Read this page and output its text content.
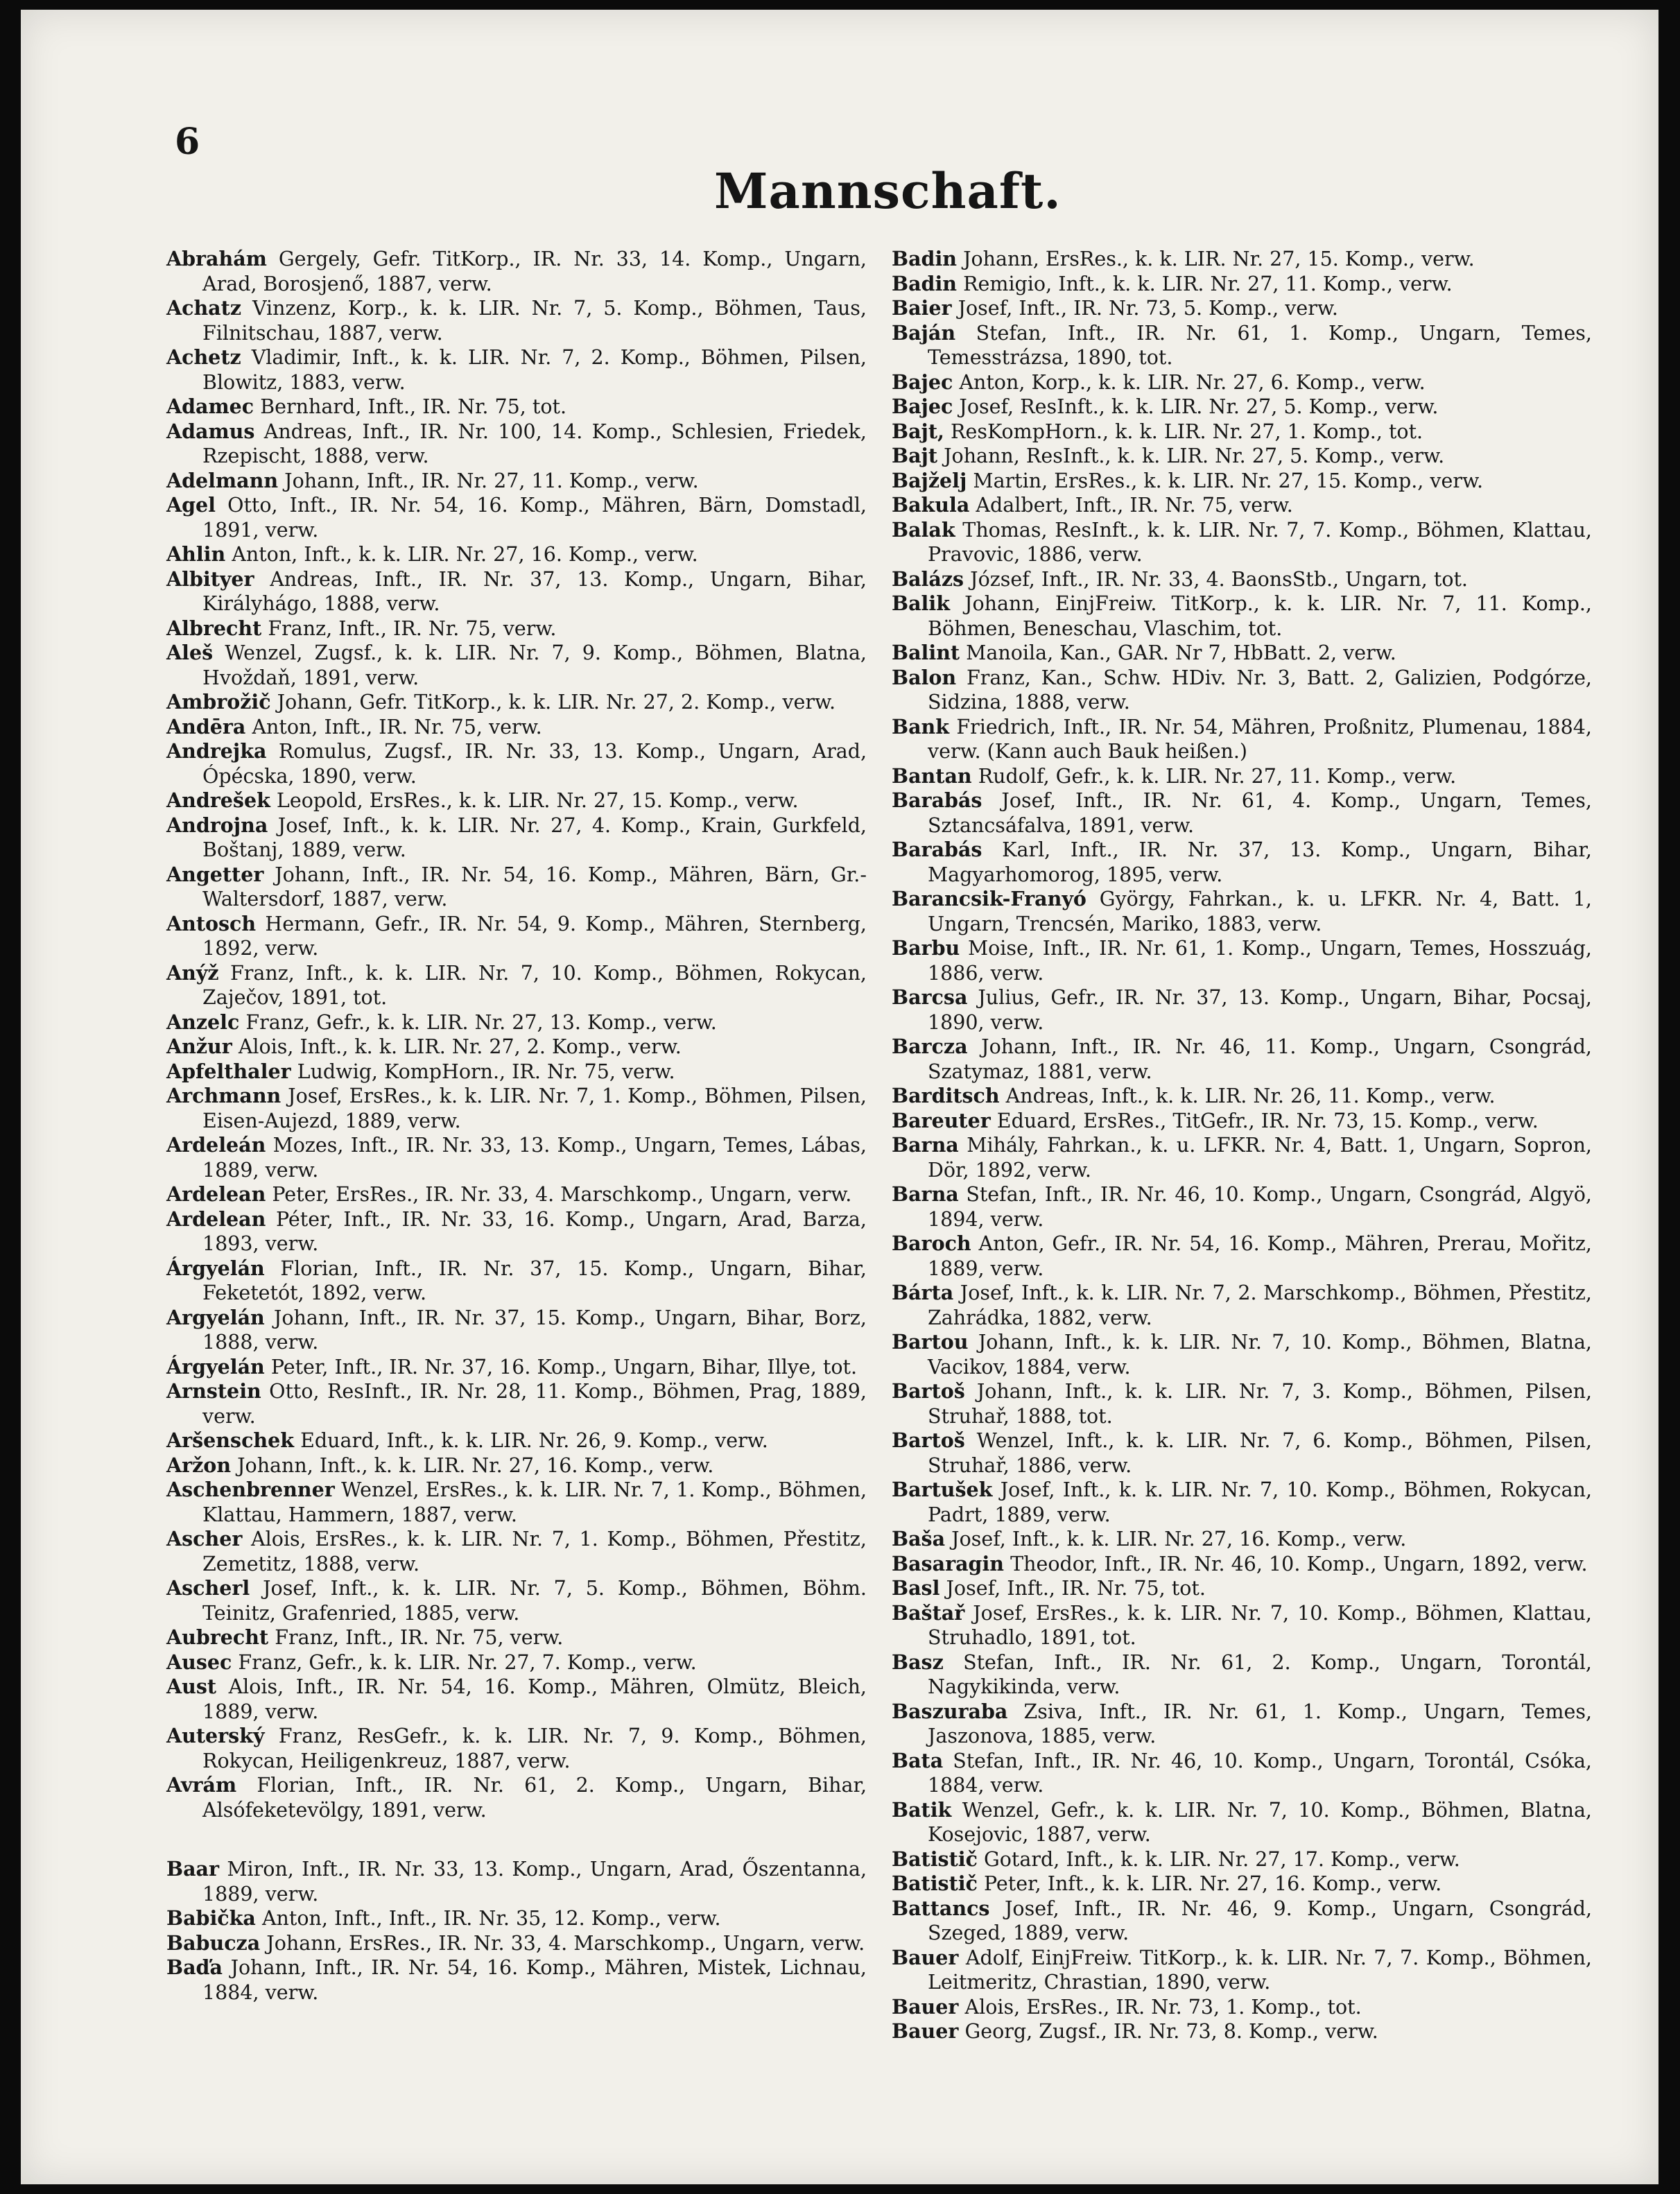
6
Mannschaft.

Abrahám Gergely, Gefr. TitKorp., IR. Nr. 33, 14. Komp., Ungarn, Arad, Borosjenő, 1887, verw.

Achatz Vinzenz, Korp., k. k. LIR. Nr. 7, 5. Komp., Böhmen, Taus, Filnitschau, 1887, verw.

Achetz Vladimir, Inft., k. k. LIR. Nr. 7, 2. Komp., Böhmen, Pilsen, Blowitz, 1883, verw.

Adamec Bernhard, Inft., IR. Nr. 75, tot.

Adamus Andreas, Inft., IR. Nr. 100, 14. Komp., Schlesien, Friedek, Rzepischt, 1888, verw.

Adelmann Johann, Inft., IR. Nr. 27, 11. Komp., verw.

Agel Otto, Inft., IR. Nr. 54, 16. Komp., Mähren, Bärn, Domstadl, 1891, verw.

Ahlin Anton, Inft., k. k. LIR. Nr. 27, 16. Komp., verw.

Albityer Andreas, Inft., IR. Nr. 37, 13. Komp., Ungarn, Bihar, Királyhágo, 1888, verw.

Albrecht Franz, Inft., IR. Nr. 75, verw.

Aleš Wenzel, Zugsf., k. k. LIR. Nr. 7, 9. Komp., Böhmen, Blatna, Hvoždaň, 1891, verw.

Ambrožič Johann, Gefr. TitKorp., k. k. LIR. Nr. 27, 2. Komp., verw.

Andēra Anton, Inft., IR. Nr. 75, verw.

Andrejka Romulus, Zugsf., IR. Nr. 33, 13. Komp., Ungarn, Arad, Ópécska, 1890, verw.

Andrešek Leopold, ErsRes., k. k. LIR. Nr. 27, 15. Komp., verw.

Androjna Josef, Inft., k. k. LIR. Nr. 27, 4. Komp., Krain, Gurkfeld, Boštanj, 1889, verw.

Angetter Johann, Inft., IR. Nr. 54, 16. Komp., Mähren, Bärn, Gr.-Waltersdorf, 1887, verw.

Antosch Hermann, Gefr., IR. Nr. 54, 9. Komp., Mähren, Sternberg, 1892, verw.

Anýž Franz, Inft., k. k. LIR. Nr. 7, 10. Komp., Böhmen, Rokycan, Zaječov, 1891, tot.

Anzelc Franz, Gefr., k. k. LIR. Nr. 27, 13. Komp., verw.

Anžur Alois, Inft., k. k. LIR. Nr. 27, 2. Komp., verw.

Apfelthaler Ludwig, KompHorn., IR. Nr. 75, verw.

Archmann Josef, ErsRes., k. k. LIR. Nr. 7, 1. Komp., Böhmen, Pilsen, Eisen-Aujezd, 1889, verw.

Ardeleán Mozes, Inft., IR. Nr. 33, 13. Komp., Ungarn, Temes, Lábas, 1889, verw.

Ardelean Peter, ErsRes., IR. Nr. 33, 4. Marschkomp., Ungarn, verw.

Ardelean Péter, Inft., IR. Nr. 33, 16. Komp., Ungarn, Arad, Barza, 1893, verw.

Árgyelán Florian, Inft., IR. Nr. 37, 15. Komp., Ungarn, Bihar, Feketetót, 1892, verw.

Argyelán Johann, Inft., IR. Nr. 37, 15. Komp., Ungarn, Bihar, Borz, 1888, verw.

Árgyelán Peter, Inft., IR. Nr. 37, 16. Komp., Ungarn, Bihar, Illye, tot.

Arnstein Otto, ResInft., IR. Nr. 28, 11. Komp., Böhmen, Prag, 1889, verw.

Aršenschek Eduard, Inft., k. k. LIR. Nr. 26, 9. Komp., verw.

Aržon Johann, Inft., k. k. LIR. Nr. 27, 16. Komp., verw.

Aschenbrenner Wenzel, ErsRes., k. k. LIR. Nr. 7, 1. Komp., Böhmen, Klattau, Hammern, 1887, verw.

Ascher Alois, ErsRes., k. k. LIR. Nr. 7, 1. Komp., Böhmen, Přestitz, Zemetitz, 1888, verw.

Ascherl Josef, Inft., k. k. LIR. Nr. 7, 5. Komp., Böhmen, Böhm. Teinitz, Grafenried, 1885, verw.

Aubrecht Franz, Inft., IR. Nr. 75, verw.

Ausec Franz, Gefr., k. k. LIR. Nr. 27, 7. Komp., verw.

Aust Alois, Inft., IR. Nr. 54, 16. Komp., Mähren, Olmütz, Bleich, 1889, verw.

Auterský Franz, ResGefr., k. k. LIR. Nr. 7, 9. Komp., Böhmen, Rokycan, Heiligenkreuz, 1887, verw.

Avrám Florian, Inft., IR. Nr. 61, 2. Komp., Ungarn, Bihar, Alsófeketevölgy, 1891, verw.

Baar Miron, Inft., IR. Nr. 33, 13. Komp., Ungarn, Arad, Őszentanna, 1889, verw.

Babička Anton, Inft., Inft., IR. Nr. 35, 12. Komp., verw.

Babucza Johann, ErsRes., IR. Nr. 33, 4. Marschkomp., Ungarn, verw.

Baďa Johann, Inft., IR. Nr. 54, 16. Komp., Mähren, Mistek, Lichnau, 1884, verw.

Badin Johann, ErsRes., k. k. LIR. Nr. 27, 15. Komp., verw.

Badin Remigio, Inft., k. k. LIR. Nr. 27, 11. Komp., verw.

Baier Josef, Inft., IR. Nr. 73, 5. Komp., verw.

Baján Stefan, Inft., IR. Nr. 61, 1. Komp., Ungarn, Temes, Temesstrázsa, 1890, tot.

Bajec Anton, Korp., k. k. LIR. Nr. 27, 6. Komp., verw.

Bajec Josef, ResInft., k. k. LIR. Nr. 27, 5. Komp., verw.

Bajt, ResKompHorn., k. k. LIR. Nr. 27, 1. Komp., tot.

Bajt Johann, ResInft., k. k. LIR. Nr. 27, 5. Komp., verw.

Bajželj Martin, ErsRes., k. k. LIR. Nr. 27, 15. Komp., verw.

Bakula Adalbert, Inft., IR. Nr. 75, verw.

Balak Thomas, ResInft., k. k. LIR. Nr. 7, 7. Komp., Böhmen, Klattau, Pravovic, 1886, verw.

Balázs József, Inft., IR. Nr. 33, 4. BaonsStb., Ungarn, tot.

Balik Johann, EinjFreiw. TitKorp., k. k. LIR. Nr. 7, 11. Komp., Böhmen, Beneschau, Vlaschim, tot.

Balint Manoila, Kan., GAR. Nr 7, HbBatt. 2, verw.

Balon Franz, Kan., Schw. HDiv. Nr. 3, Batt. 2, Galizien, Podgórze, Sidzina, 1888, verw.

Bank Friedrich, Inft., IR. Nr. 54, Mähren, Proßnitz, Plumenau, 1884, verw. (Kann auch Bauk heißen.)

Bantan Rudolf, Gefr., k. k. LIR. Nr. 27, 11. Komp., verw.

Barabás Josef, Inft., IR. Nr. 61, 4. Komp., Ungarn, Temes, Sztancsáfalva, 1891, verw.

Barabás Karl, Inft., IR. Nr. 37, 13. Komp., Ungarn, Bihar, Magyarhomorog, 1895, verw.

Barancsik-Franyó György, Fahrkan., k. u. LFKR. Nr. 4, Batt. 1, Ungarn, Trencsén, Mariko, 1883, verw.

Barbu Moise, Inft., IR. Nr. 61, 1. Komp., Ungarn, Temes, Hosszuág, 1886, verw.

Barcsa Julius, Gefr., IR. Nr. 37, 13. Komp., Ungarn, Bihar, Pocsaj, 1890, verw.

Barcza Johann, Inft., IR. Nr. 46, 11. Komp., Ungarn, Csongrád, Szatymaz, 1881, verw.

Barditsch Andreas, Inft., k. k. LIR. Nr. 26, 11. Komp., verw.

Bareuter Eduard, ErsRes., TitGefr., IR. Nr. 73, 15. Komp., verw.

Barna Mihály, Fahrkan., k. u. LFKR. Nr. 4, Batt. 1, Ungarn, Sopron, Dör, 1892, verw.

Barna Stefan, Inft., IR. Nr. 46, 10. Komp., Ungarn, Csongrád, Algyö, 1894, verw.

Baroch Anton, Gefr., IR. Nr. 54, 16. Komp., Mähren, Prerau, Mořitz, 1889, verw.

Bárta Josef, Inft., k. k. LIR. Nr. 7, 2. Marschkomp., Böhmen, Přestitz, Zahrádka, 1882, verw.

Bartou Johann, Inft., k. k. LIR. Nr. 7, 10. Komp., Böhmen, Blatna, Vacikov, 1884, verw.

Bartoš Johann, Inft., k. k. LIR. Nr. 7, 3. Komp., Böhmen, Pilsen, Struhař, 1888, tot.

Bartoš Wenzel, Inft., k. k. LIR. Nr. 7, 6. Komp., Böhmen, Pilsen, Struhař, 1886, verw.

Bartušek Josef, Inft., k. k. LIR. Nr. 7, 10. Komp., Böhmen, Rokycan, Padrt, 1889, verw.

Baša Josef, Inft., k. k. LIR. Nr. 27, 16. Komp., verw.

Basaragin Theodor, Inft., IR. Nr. 46, 10. Komp., Ungarn, 1892, verw.

Basl Josef, Inft., IR. Nr. 75, tot.

Baštař Josef, ErsRes., k. k. LIR. Nr. 7, 10. Komp., Böhmen, Klattau, Struhadlo, 1891, tot.

Basz Stefan, Inft., IR. Nr. 61, 2. Komp., Ungarn, Torontál, Nagykikinda, verw.

Baszuraba Zsiva, Inft., IR. Nr. 61, 1. Komp., Ungarn, Temes, Jaszonova, 1885, verw.

Bata Stefan, Inft., IR. Nr. 46, 10. Komp., Ungarn, Torontál, Csóka, 1884, verw.

Batik Wenzel, Gefr., k. k. LIR. Nr. 7, 10. Komp., Böhmen, Blatna, Kosejovic, 1887, verw.

Batistič Gotard, Inft., k. k. LIR. Nr. 27, 17. Komp., verw.

Batistič Peter, Inft., k. k. LIR. Nr. 27, 16. Komp., verw.

Battancs Josef, Inft., IR. Nr. 46, 9. Komp., Ungarn, Csongrád, Szeged, 1889, verw.

Bauer Adolf, EinjFreiw. TitKorp., k. k. LIR. Nr. 7, 7. Komp., Böhmen, Leitmeritz, Chrastian, 1890, verw.

Bauer Alois, ErsRes., IR. Nr. 73, 1. Komp., tot.

Bauer Georg, Zugsf., IR. Nr. 73, 8. Komp., verw.
